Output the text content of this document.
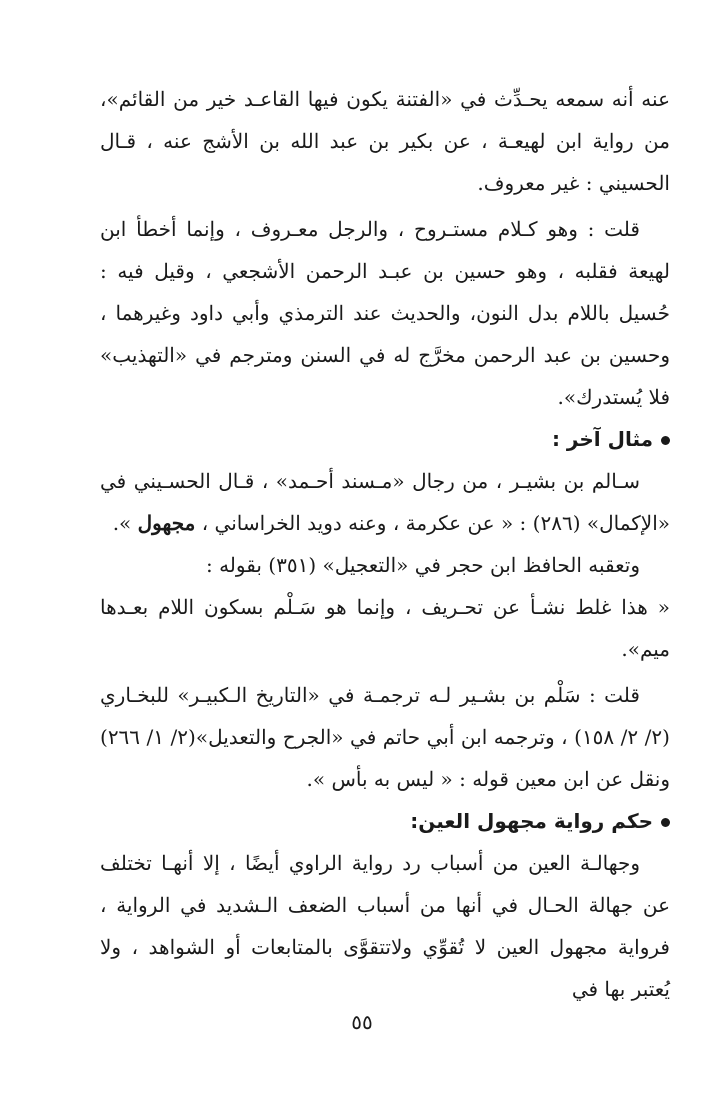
عنه أنه سمعه يحـدِّث في «الفتنة يكون فيها القاعـد خير من القائم»، من رواية ابن لهيعـة ، عن بكير بن عبد الله بن الأشج عنه ، قـال الحسيني : غير معروف.

قلت : وهو كـلام مستـروح ، والرجل معـروف ، وإنما أخطأ ابن لهيعة فقلبه ، وهو حسين بن عبـد الرحمن الأشجعي ، وقيل فيه : حُسيل باللام بدل النون، والحديث عند الترمذي وأبي داود وغيرهما ، وحسين بن عبد الرحمن مخرَّج له في السنن ومترجم في «التهذيب» فلا يُستدرك».

مثال آخر :

سـالم بن بشيـر ، من رجال «مـسند أحـمد» ، قـال الحسـيني في «الإكمال» (٢٨٦) : « عن عكرمة ، وعنه دويد الخراساني ، مجهول ».

وتعقبه الحافظ ابن حجر في «التعجيل» (٣٥١) بقوله :

« هذا غلط نشـأ عن تحـريف ، وإنما هو سَـلْم بسكون اللام بعـدها ميم».

قلت : سَلْم بن بشـير لـه ترجمـة في «التاريخ الـكبيـر» للبخـاري (٢/ ٢/ ١٥٨) ، وترجمه ابن أبي حاتم في «الجرح والتعديل»(٢/ ١/ ٢٦٦) ونقل عن ابن معين قوله : « ليس به بأس ».

حكم رواية مجهول العين:

وجهالـة العين من أسباب رد رواية الراوي أيضًا ، إلا أنهـا تختلف عن جهالة الحـال في أنها من أسباب الضعف الـشديد في الرواية ، فرواية مجهول العين لا تُقوِّي ولاتتقوَّى بالمتابعات أو الشواهد ، ولا يُعتبر بها في

٥٥
